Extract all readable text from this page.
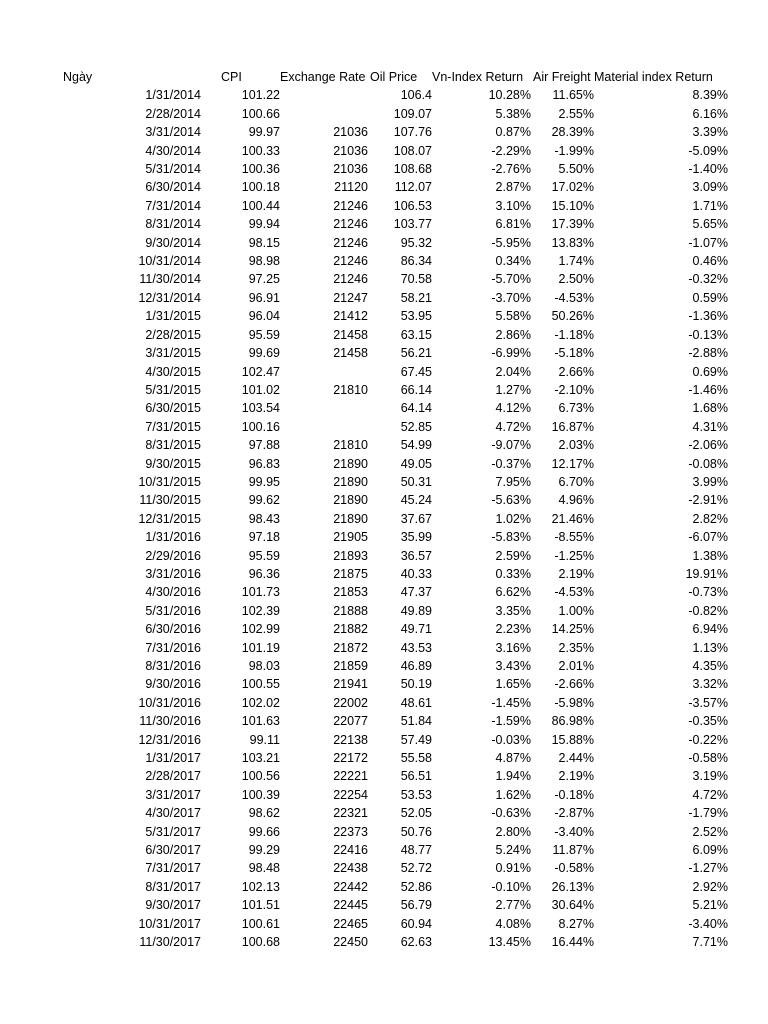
Ngày	CPI	Exchange Rate	Oil Price	Vn-Index Return	Air Freight	Material index Return
1/31/2014	101.22		106.4	10.28%	11.65%	8.39%
2/28/2014	100.66		109.07	5.38%	2.55%	6.16%
3/31/2014	99.97	21036	107.76	0.87%	28.39%	3.39%
4/30/2014	100.33	21036	108.07	-2.29%	-1.99%	-5.09%
5/31/2014	100.36	21036	108.68	-2.76%	5.50%	-1.40%
6/30/2014	100.18	21120	112.07	2.87%	17.02%	3.09%
7/31/2014	100.44	21246	106.53	3.10%	15.10%	1.71%
8/31/2014	99.94	21246	103.77	6.81%	17.39%	5.65%
9/30/2014	98.15	21246	95.32	-5.95%	13.83%	-1.07%
10/31/2014	98.98	21246	86.34	0.34%	1.74%	0.46%
11/30/2014	97.25	21246	70.58	-5.70%	2.50%	-0.32%
12/31/2014	96.91	21247	58.21	-3.70%	-4.53%	0.59%
1/31/2015	96.04	21412	53.95	5.58%	50.26%	-1.36%
2/28/2015	95.59	21458	63.15	2.86%	-1.18%	-0.13%
3/31/2015	99.69	21458	56.21	-6.99%	-5.18%	-2.88%
4/30/2015	102.47		67.45	2.04%	2.66%	0.69%
5/31/2015	101.02	21810	66.14	1.27%	-2.10%	-1.46%
6/30/2015	103.54		64.14	4.12%	6.73%	1.68%
7/31/2015	100.16		52.85	4.72%	16.87%	4.31%
8/31/2015	97.88	21810	54.99	-9.07%	2.03%	-2.06%
9/30/2015	96.83	21890	49.05	-0.37%	12.17%	-0.08%
10/31/2015	99.95	21890	50.31	7.95%	6.70%	3.99%
11/30/2015	99.62	21890	45.24	-5.63%	4.96%	-2.91%
12/31/2015	98.43	21890	37.67	1.02%	21.46%	2.82%
1/31/2016	97.18	21905	35.99	-5.83%	-8.55%	-6.07%
2/29/2016	95.59	21893	36.57	2.59%	-1.25%	1.38%
3/31/2016	96.36	21875	40.33	0.33%	2.19%	19.91%
4/30/2016	101.73	21853	47.37	6.62%	-4.53%	-0.73%
5/31/2016	102.39	21888	49.89	3.35%	1.00%	-0.82%
6/30/2016	102.99	21882	49.71	2.23%	14.25%	6.94%
7/31/2016	101.19	21872	43.53	3.16%	2.35%	1.13%
8/31/2016	98.03	21859	46.89	3.43%	2.01%	4.35%
9/30/2016	100.55	21941	50.19	1.65%	-2.66%	3.32%
10/31/2016	102.02	22002	48.61	-1.45%	-5.98%	-3.57%
11/30/2016	101.63	22077	51.84	-1.59%	86.98%	-0.35%
12/31/2016	99.11	22138	57.49	-0.03%	15.88%	-0.22%
1/31/2017	103.21	22172	55.58	4.87%	2.44%	-0.58%
2/28/2017	100.56	22221	56.51	1.94%	2.19%	3.19%
3/31/2017	100.39	22254	53.53	1.62%	-0.18%	4.72%
4/30/2017	98.62	22321	52.05	-0.63%	-2.87%	-1.79%
5/31/2017	99.66	22373	50.76	2.80%	-3.40%	2.52%
6/30/2017	99.29	22416	48.77	5.24%	11.87%	6.09%
7/31/2017	98.48	22438	52.72	0.91%	-0.58%	-1.27%
8/31/2017	102.13	22442	52.86	-0.10%	26.13%	2.92%
9/30/2017	101.51	22445	56.79	2.77%	30.64%	5.21%
10/31/2017	100.61	22465	60.94	4.08%	8.27%	-3.40%
11/30/2017	100.68	22450	62.63	13.45%	16.44%	7.71%
